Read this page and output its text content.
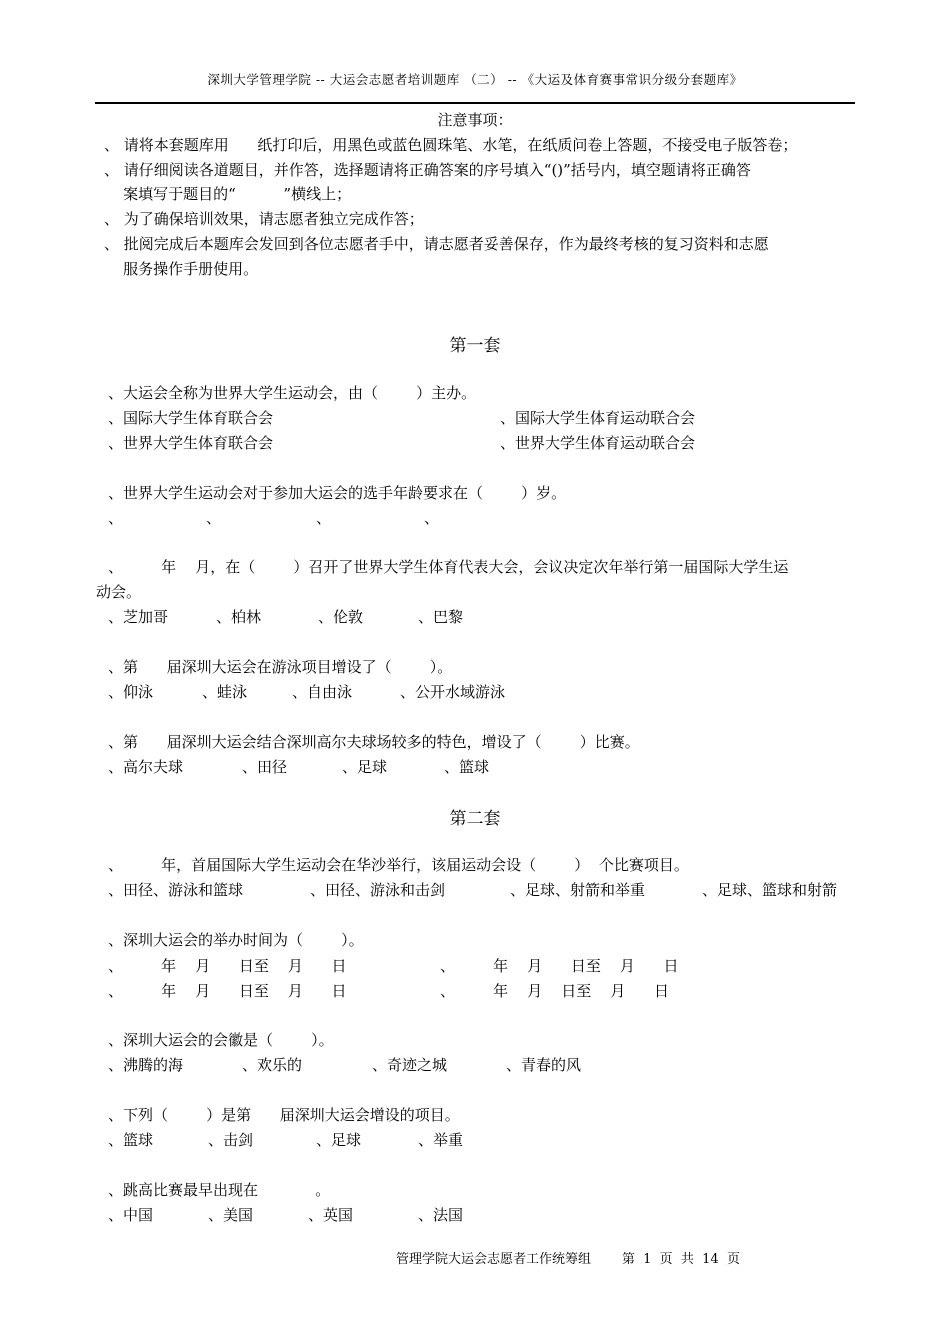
深圳大学管理学院 -- 大运会志愿者培训题库 （二） -- 《大运及体育赛事常识分级分套题库》
注意事项：
、 请将本套题库用      纸打印后，用黑色或蓝色圆珠笔、水笔，在纸质问卷上答题，不接受电子版答卷；
、 请仔细阅读各道题目，并作答，选择题请将正确答案的序号填入“()”括号内，填空题请将正确答
案填写于题目的“          ”横线上；
、 为了确保培训效果，请志愿者独立完成作答；
、 批阅完成后本题库会发回到各位志愿者手中，请志愿者妥善保存，作为最终考核的复习资料和志愿
服务操作手册使用。
第一套
、大运会全称为世界大学生运动会，由（        ）主办。
、国际大学生体育联合会	、国际大学生体育运动联合会
、世界大学生体育联合会	、世界大学生体育运动联合会
、世界大学生运动会对于参加大运会的选手年龄要求在（        ）岁。
、	、	、	、
、        年    月，在（        ）召开了世界大学生体育代表大会，会议决定次年举行第一届国际大学生运
动会。
、芝加哥	、柏林	、伦敦	、巴黎
、第      届深圳大运会在游泳项目增设了（        ）。
、仰泳	、蛙泳	、自由泳	、公开水域游泳
、第      届深圳大运会结合深圳高尔夫球场较多的特色，增设了（        ）比赛。
、高尔夫球	、田径	、足球	、篮球
第二套
、        年，首届国际大学生运动会在华沙举行，该届运动会设（        ）  个比赛项目。
、田径、游泳和篮球	、田径、游泳和击剑	、足球、射箭和举重	、足球、篮球和射箭
、深圳大运会的举办时间为（        ）。
、        年    月      日至    月      日	、        年    月      日至    月      日
、        年    月      日至    月      日	、        年    月    日至    月      日
、深圳大运会的会徽是（        ）。
、沸腾的海	、欢乐的	、奇迹之城	、青春的风
、下列（        ）是第      届深圳大运会增设的项目。
、篮球	、击剑	、足球	、举重
、跳高比赛最早出现在            。
、中国	、美国	、英国	、法国
管理学院大运会志愿者工作统筹组 第  1  页  共  14  页
